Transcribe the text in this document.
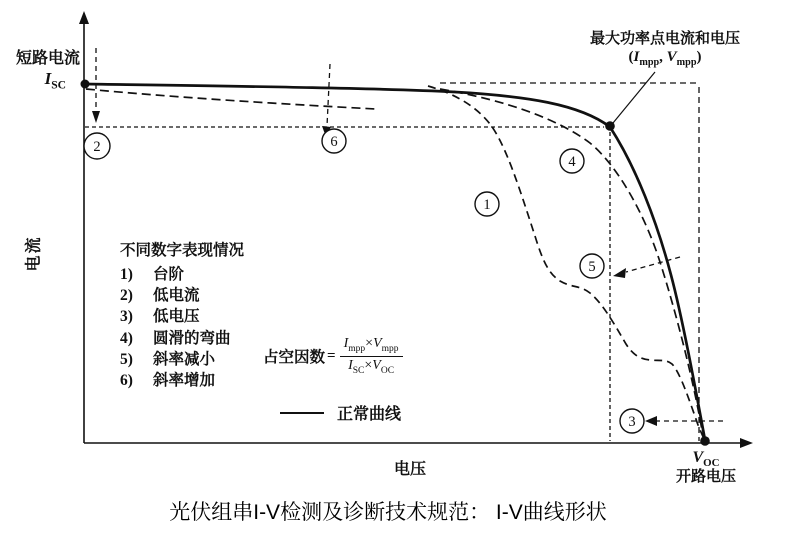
1
2
3
4
5
6
短路电流
$I_{SC}$
电流
电压
$V_{OC}$
开路电压
最大功率点电流和电压
($I_{mpp}$, $V_{mpp}$)
不同数字表现情况
1)	台阶
2)	低电流
3)	低电压
4)	圆滑的弯曲
5)	斜率减小
6)	斜率增加
占空因数 = $\frac{I_{mpp}\times V_{mpp}}{I_{SC}\times V_{OC}}$
正常曲线
光伏组串I-V检测及诊断技术规范： I-V曲线形状
